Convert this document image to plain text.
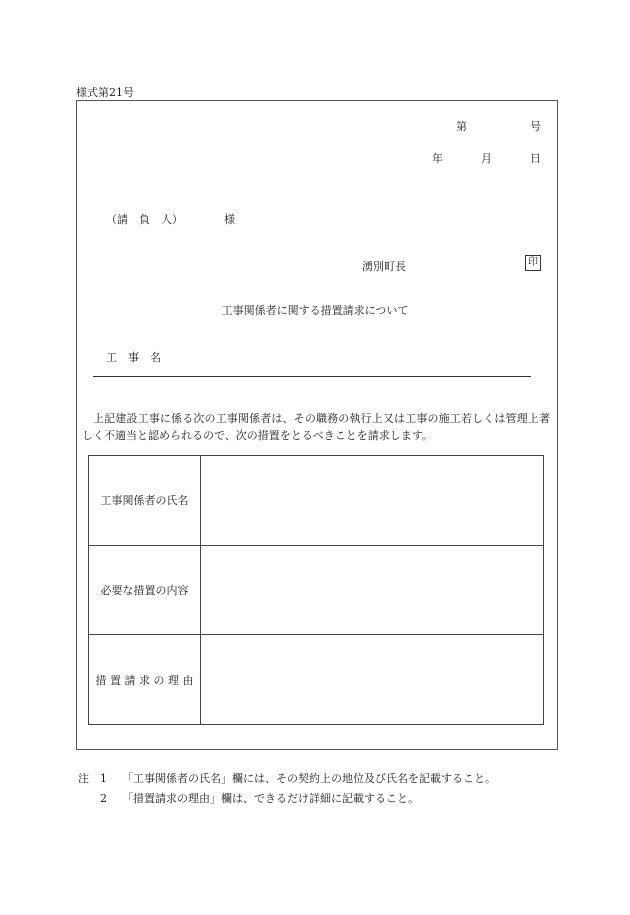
様式第21号
第	号
年	月	日
（請　負　人）	様
湧別町長	印
工事関係者に関する措置請求について
工　事　名
上記建設工事に係る次の工事関係者は、その職務の執行上又は工事の施工若しくは管理上著しく不適当と認められるので、次の措置をとるべきことを請求します。
工事関係者の氏名	
必要な措置の内容	
措 置 請 求 の 理 由	
注 1 「工事関係者の氏名」欄には、その契約上の地位及び氏名を記載すること。
2 「措置請求の理由」欄は、できるだけ詳細に記載すること。
